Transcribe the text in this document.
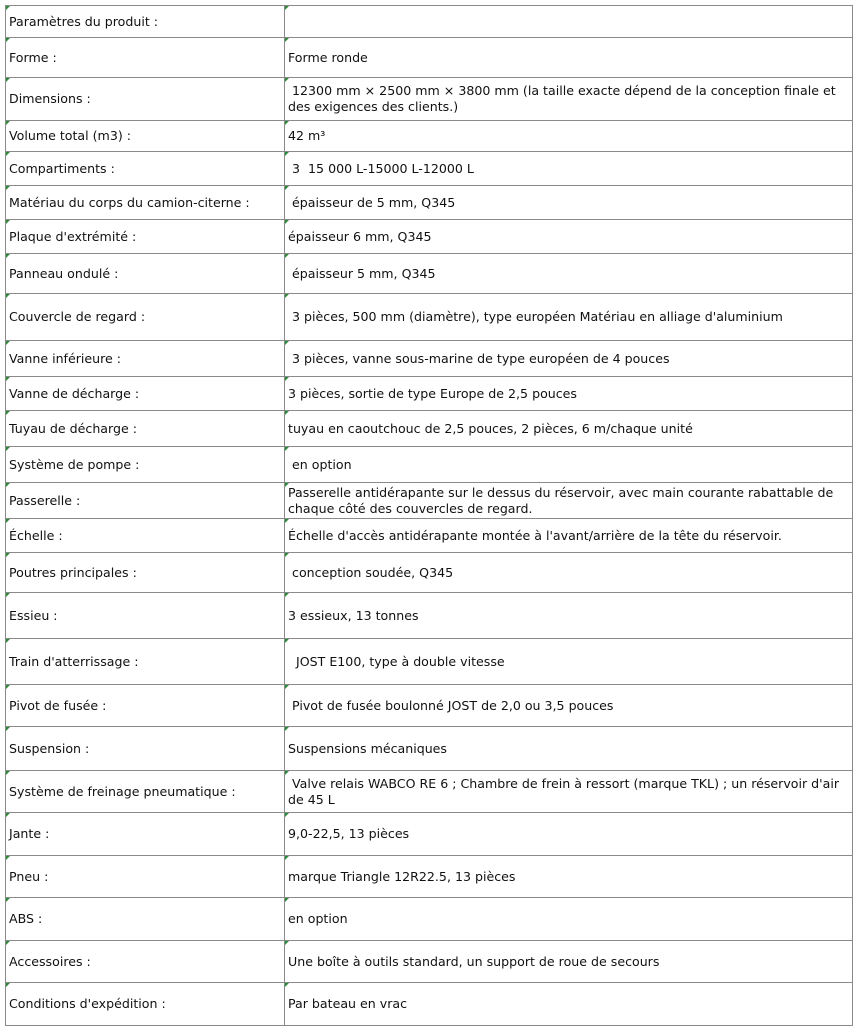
Paramètres du produit :	
Forme :	Forme ronde
Dimensions :	12300 mm × 2500 mm × 3800 mm (la taille exacte dépend de la conception finale et des exigences des clients.)
Volume total (m3) :	42 m³
Compartiments :	3  15 000 L-15000 L-12000 L
Matériau du corps du camion-citerne :	épaisseur de 5 mm, Q345
Plaque d'extrémité :	épaisseur 6 mm, Q345
Panneau ondulé :	épaisseur 5 mm, Q345
Couvercle de regard :	3 pièces, 500 mm (diamètre), type européen Matériau en alliage d'aluminium
Vanne inférieure :	3 pièces, vanne sous-marine de type européen de 4 pouces
Vanne de décharge :	3 pièces, sortie de type Europe de 2,5 pouces
Tuyau de décharge :	tuyau en caoutchouc de 2,5 pouces, 2 pièces, 6 m/chaque unité
Système de pompe :	en option
Passerelle :	Passerelle antidérapante sur le dessus du réservoir, avec main courante rabattable de chaque côté des couvercles de regard.
Échelle :	Échelle d'accès antidérapante montée à l'avant/arrière de la tête du réservoir.
Poutres principales :	conception soudée, Q345
Essieu :	3 essieux, 13 tonnes
Train d'atterrissage :	JOST E100, type à double vitesse
Pivot de fusée :	Pivot de fusée boulonné JOST de 2,0 ou 3,5 pouces
Suspension :	Suspensions mécaniques
Système de freinage pneumatique :	Valve relais WABCO RE 6 ; Chambre de frein à ressort (marque TKL) ; un réservoir d'air de 45 L
Jante :	9,0-22,5, 13 pièces
Pneu :	marque Triangle 12R22.5, 13 pièces
ABS :	en option
Accessoires :	Une boîte à outils standard, un support de roue de secours
Conditions d'expédition :	Par bateau en vrac
